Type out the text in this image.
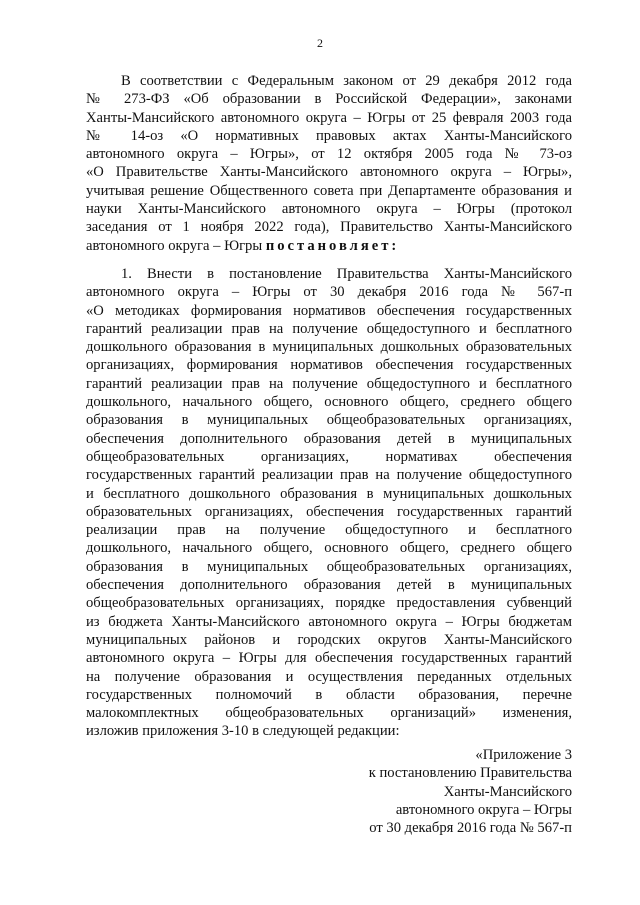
2
В соответствии с Федеральным законом от 29 декабря 2012 года
№ 273-ФЗ «Об образовании в Российской Федерации», законами
Ханты-Мансийского автономного округа – Югры от 25 февраля 2003 года
№ 14-оз «О нормативных правовых актах Ханты-Мансийского
автономного округа – Югры», от 12 октября 2005 года № 73-оз
«О Правительстве Ханты-Мансийского автономного округа – Югры»,
учитывая решение Общественного совета при Департаменте образования и
науки Ханты-Мансийского автономного округа – Югры (протокол
заседания от 1 ноября 2022 года), Правительство Ханты-Мансийского
автономного округа – Югры постановляет:
1. Внести в постановление Правительства Ханты-Мансийского
автономного округа – Югры от 30 декабря 2016 года № 567-п
«О методиках формирования нормативов обеспечения государственных
гарантий реализации прав на получение общедоступного и бесплатного
дошкольного образования в муниципальных дошкольных образовательных
организациях, формирования нормативов обеспечения государственных
гарантий реализации прав на получение общедоступного и бесплатного
дошкольного, начального общего, основного общего, среднего общего
образования в муниципальных общеобразовательных организациях,
обеспечения дополнительного образования детей в муниципальных
общеобразовательных организациях, нормативах обеспечения
государственных гарантий реализации прав на получение общедоступного
и бесплатного дошкольного образования в муниципальных дошкольных
образовательных организациях, обеспечения государственных гарантий
реализации прав на получение общедоступного и бесплатного
дошкольного, начального общего, основного общего, среднего общего
образования в муниципальных общеобразовательных организациях,
обеспечения дополнительного образования детей в муниципальных
общеобразовательных организациях, порядке предоставления субвенций
из бюджета Ханты-Мансийского автономного округа – Югры бюджетам
муниципальных районов и городских округов Ханты-Мансийского
автономного округа – Югры для обеспечения государственных гарантий
на получение образования и осуществления переданных отдельных
государственных полномочий в области образования, перечне
малокомплектных общеобразовательных организаций» изменения,
изложив приложения 3-10 в следующей редакции:
«Приложение 3
к постановлению Правительства
Ханты-Мансийского
автономного округа – Югры
от 30 декабря 2016 года № 567-п
